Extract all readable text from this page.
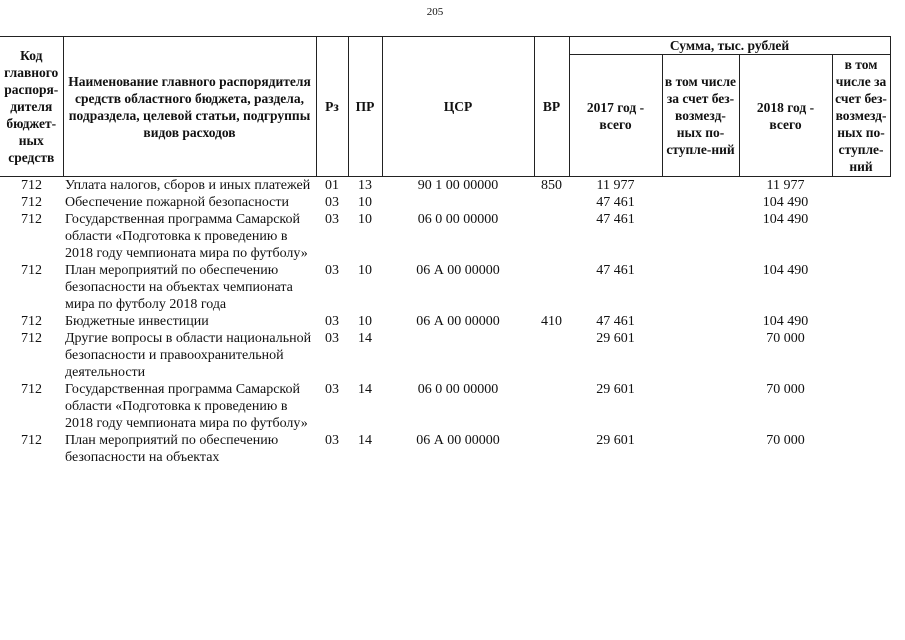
205
Код главного распоря-дителя бюджет-ных средств	Наименование главного распорядителя средств областного бюджета, раздела, подраздела, целевой статьи, подгруппы видов расходов	Рз	ПР	ЦСР	ВР	Сумма, тыс. рублей			
						2017 год - всего	в том числе за счет без-возмезд-ных по-ступле-ний	2018 год - всего	в том числе за счет без-возмезд-ных по-ступле-ний
712	Уплата налогов, сборов и иных платежей	01	13	90 1 00 00000	850	11 977		11 977	
712	Обеспечение пожарной безопасности	03	10			47 461		104 490	
712	Государственная программа Самарской области «Подготовка к проведению в 2018 году чемпионата мира по футболу»	03	10	06 0 00 00000		47 461		104 490	
712	План мероприятий по обеспечению безопасности на объектах чемпионата мира по футболу 2018 года	03	10	06 А 00 00000		47 461		104 490	
712	Бюджетные инвестиции	03	10	06 А 00 00000	410	47 461		104 490	
712	Другие вопросы в области национальной безопасности и правоохранительной деятельности	03	14			29 601		70 000	
712	Государственная программа Самарской области «Подготовка к проведению в 2018 году чемпионата мира по футболу»	03	14	06 0 00 00000		29 601		70 000	
712	План мероприятий по обеспечению безопасности на объектах	03	14	06 А 00 00000		29 601		70 000	
